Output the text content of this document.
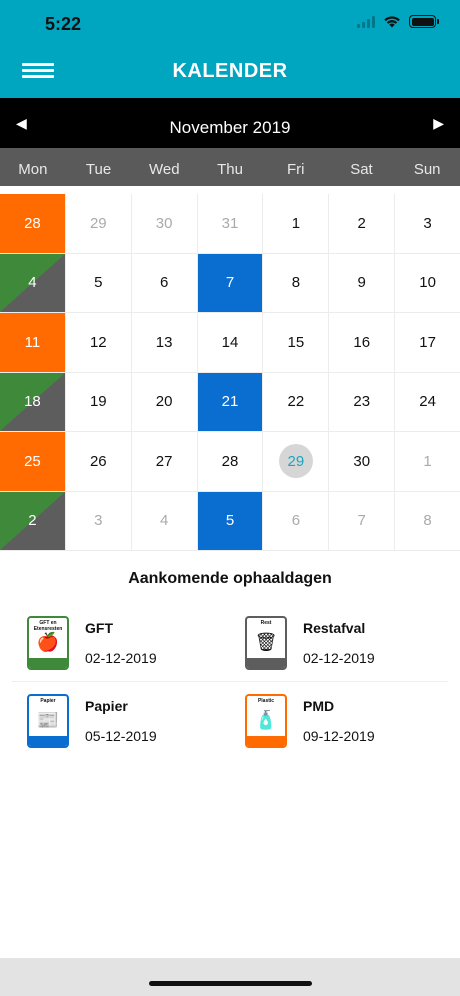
5:22
KALENDER
◀	November 2019	▶
Mon	Tue	Wed	Thu	Fri	Sat	Sun
28	29	30	31	1	2	3
4	5	6	7	8	9	10
11	12	13	14	15	16	17
18	19	20	21	22	23	24
25	26	27	28	29	30	1
2	3	4	5	6	7	8
Aankomende ophaaldagen
GFT en Etensresten
🍎
GFT
02-12-2019
Rest
🗑
Restafval
02-12-2019
Papier
📰
Papier
05-12-2019
Plastic
🧴
PMD
09-12-2019
